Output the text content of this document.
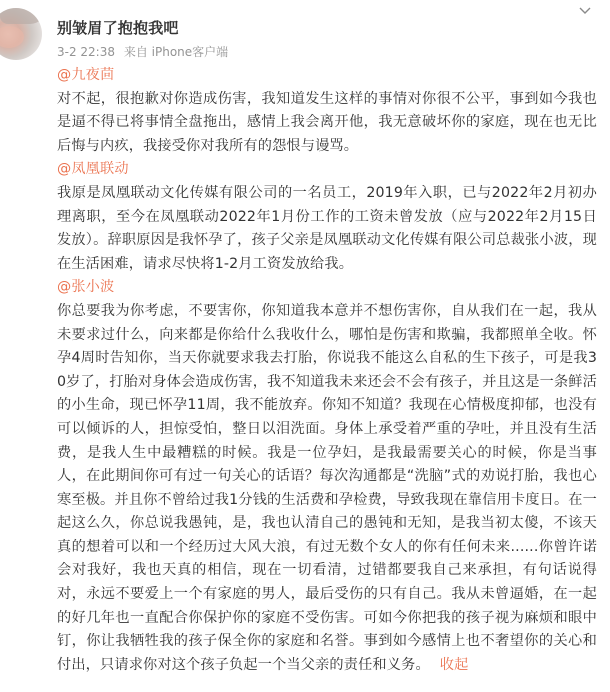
别皱眉了抱抱我吧
3-2 22:38 来自 iPhone客户端
@九夜茴
对不起，很抱歉对你造成伤害，我知道发生这样的事情对你很不公平，事到如今我也是逼不得已将事情全盘拖出，感情上我会离开他，我无意破坏你的家庭，现在也无比后悔与内疚，我接受你对我所有的怨恨与谩骂。
@凤凰联动
我原是凤凰联动文化传媒有限公司的一名员工，2019年入职，已与2022年2月初办理离职，至今在凤凰联动2022年1月份工作的工资未曾发放（应与2022年2月15日发放）。辞职原因是我怀孕了，孩子父亲是凤凰联动文化传媒有限公司总裁张小波，现在生活困难，请求尽快将1-2月工资发放给我。
@张小波
你总要我为你考虑，不要害你，你知道我本意并不想伤害你，自从我们在一起，我从未要求过什么，向来都是你给什么我收什么，哪怕是伤害和欺骗，我都照单全收。怀孕4周时告知你，当天你就要求我去打胎，你说我不能这么自私的生下孩子，可是我30岁了，打胎对身体会造成伤害，我不知道我未来还会不会有孩子，并且这是一条鲜活的小生命，现已怀孕11周，我不能放弃。你知不知道？我现在心情极度抑郁，也没有可以倾诉的人，担惊受怕，整日以泪洗面。身体上承受着严重的孕吐，并且没有生活费，是我人生中最糟糕的时候。我是一位孕妇，是我最需要关心的时候，你是当事人，在此期间你可有过一句关心的话语？每次沟通都是“洗脑”式的劝说打胎，我也心寒至极。并且你不曾给过我1分钱的生活费和孕检费，导致我现在靠信用卡度日。在一起这么久，你总说我愚钝，是，我也认清自己的愚钝和无知，是我当初太傻，不该天真的想着可以和一个经历过大风大浪，有过无数个女人的你有任何未来......你曾许诺会对我好，我也天真的相信，现在一切看清，过错都要我自己来承担，有句话说得对，永远不要爱上一个有家庭的男人，最后受伤的只有自己。我从未曾逼婚，在一起的好几年也一直配合你保护你的家庭不受伤害。可如今你把我的孩子视为麻烦和眼中钉，你让我牺牲我的孩子保全你的家庭和名誉。事到如今感情上也不奢望你的关心和付出，只请求你对这个孩子负起一个当父亲的责任和义务。 收起
